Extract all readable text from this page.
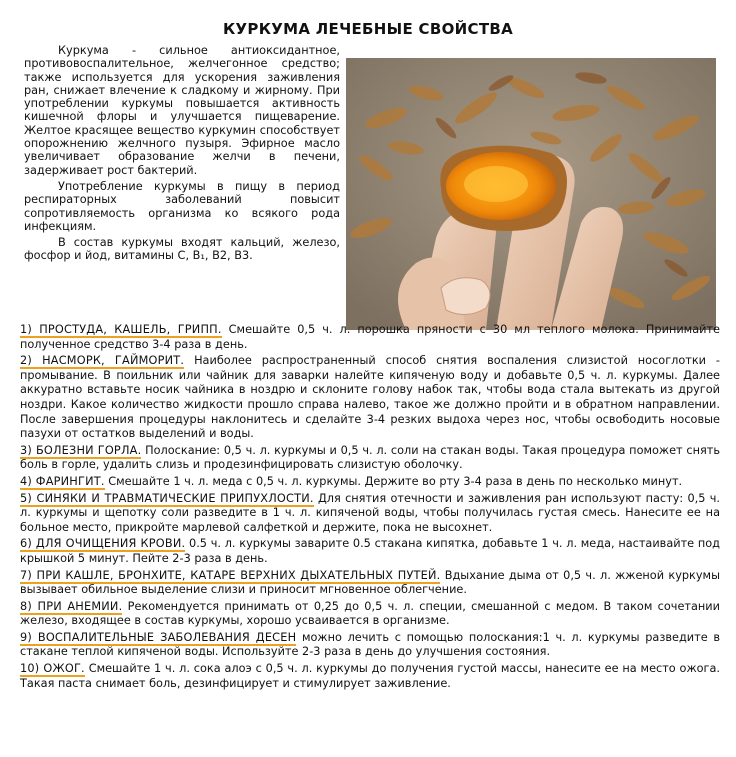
КУРКУМА ЛЕЧЕБНЫЕ СВОЙСТВА

Куркума - сильное антиоксидантное, противовоспалительное, желчегонное средство; также используется для ускорения заживления ран, снижает влечение к сладкому и жирному. При употреблении куркумы повышается активность кишечной флоры и улучшается пищеварение. Желтое красящее вещество куркумин способствует опорожнению желчного пузыря. Эфирное масло увеличивает образование желчи в печени, задерживает рост бактерий.

Употребление куркумы в пищу в период респираторных заболеваний повысит сопротивляемость организма ко всякого рода инфекциям.

В состав куркумы входят кальций, железо, фосфор и йод, витамины С, В₁, В2, В3.

1) ПРОСТУДА, КАШЕЛЬ, ГРИПП. Смешайте 0,5 ч. л. порошка пряности с 30 мл теплого молока. Принимайте полученное средство 3-4 раза в день.
2) НАСМОРК, ГАЙМОРИТ. Наиболее распространенный способ снятия воспаления слизистой носоглотки - промывание. В поильник или чайник для заварки налейте кипяченую воду и добавьте 0,5 ч. л. куркумы. Далее аккуратно вставьте носик чайника в ноздрю и склоните голову набок так, чтобы вода стала вытекать из другой ноздри. Какое количество жидкости прошло справа налево, такое же должно пройти и в обратном направлении. После завершения процедуры наклонитесь и сделайте 3-4 резких выдоха через нос, чтобы освободить носовые пазухи от остатков выделений и воды.
3) БОЛЕЗНИ ГОРЛА. Полоскание: 0,5 ч. л. куркумы и 0,5 ч. л. соли на стакан воды. Такая процедура поможет снять боль в горле, удалить слизь и продезинфицировать слизистую оболочку.
4) ФАРИНГИТ. Смешайте 1 ч. л. меда с 0,5 ч. л. куркумы. Держите во рту 3-4 раза в день по несколько минут.
5) СИНЯКИ И ТРАВМАТИЧЕСКИЕ ПРИПУХЛОСТИ. Для снятия отечности и заживления ран используют пасту: 0,5 ч. л. куркумы и щепотку соли разведите в 1 ч. л. кипяченой воды, чтобы получилась густая смесь. Нанесите ее на больное место, прикройте марлевой салфеткой и держите, пока не высохнет.
6) ДЛЯ ОЧИЩЕНИЯ КРОВИ. 0.5 ч. л. куркумы заварите 0.5 стакана кипятка, добавьте 1 ч. л. меда, настаивайте под крышкой 5 минут. Пейте 2-3 раза в день.
7) ПРИ КАШЛЕ, БРОНХИТЕ, КАТАРЕ ВЕРХНИХ ДЫХАТЕЛЬНЫХ ПУТЕЙ. Вдыхание дыма от 0,5 ч. л. жженой куркумы вызывает обильное выделение слизи и приносит мгновенное облегчение.
8) ПРИ АНЕМИИ. Рекомендуется принимать от 0,25 до 0,5 ч. л. специи, смешанной с медом. В таком сочетании железо, входящее в состав куркумы, хорошо усваивается в организме.
9) ВОСПАЛИТЕЛЬНЫЕ ЗАБОЛЕВАНИЯ ДЕСЕН можно лечить с помощью полоскания:1 ч. л. куркумы разведите в стакане теплой кипяченой воды. Используйте 2-3 раза в день до улучшения состояния.
10) ОЖОГ. Смешайте 1 ч. л. сока алоэ с 0,5 ч. л. куркумы до получения густой массы, нанесите ее на место ожога. Такая паста снимает боль, дезинфицирует и стимулирует заживление.
